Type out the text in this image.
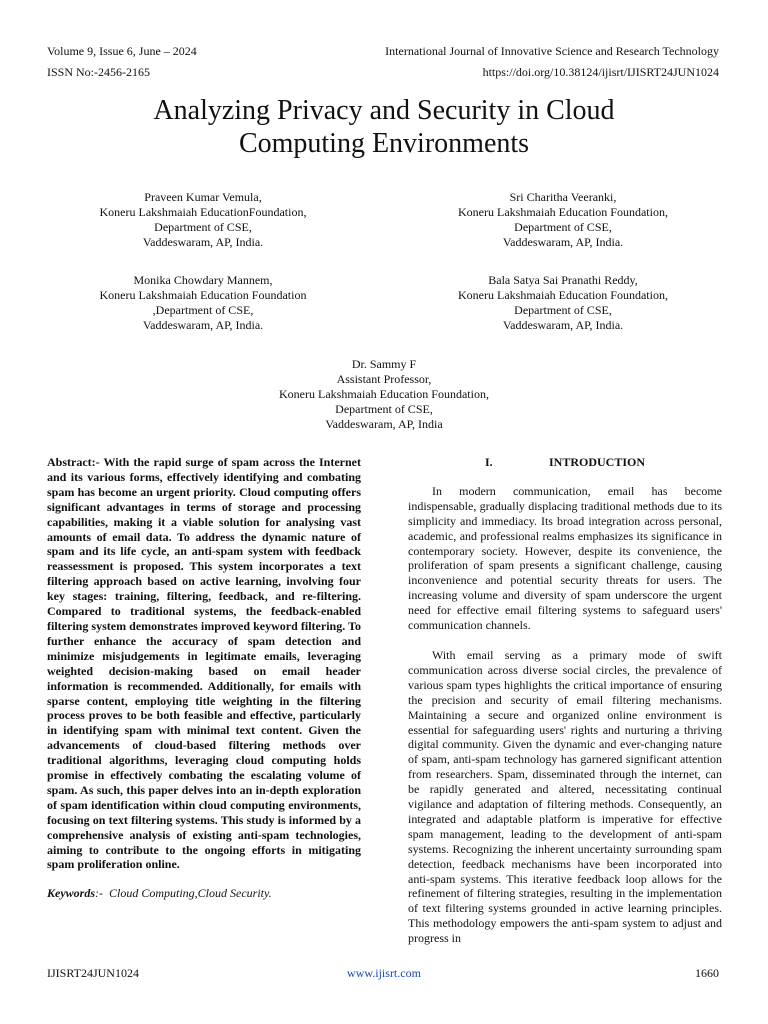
Volume 9, Issue 6, June – 2024	International Journal of Innovative Science and Research Technology
ISSN No:-2456-2165	https://doi.org/10.38124/ijisrt/IJISRT24JUN1024
Analyzing Privacy and Security in Cloud
Computing Environments
Praveen Kumar Vemula,
Koneru Lakshmaiah EducationFoundation,
Department of CSE,
Vaddeswaram, AP, India.
Sri Charitha Veeranki,
Koneru Lakshmaiah Education Foundation,
Department of CSE,
Vaddeswaram, AP, India.
Monika Chowdary Mannem,
Koneru Lakshmaiah Education Foundation
,Department of CSE,
Vaddeswaram, AP, India.
Bala Satya Sai Pranathi Reddy,
Koneru Lakshmaiah Education Foundation,
Department of CSE,
Vaddeswaram, AP, India.
Dr. Sammy F
Assistant Professor,
Koneru Lakshmaiah Education Foundation,
Department of CSE,
Vaddeswaram, AP, India

Abstract:- With the rapid surge of spam across the Internet and its various forms, effectively identifying and combating spam has become an urgent priority. Cloud computing offers significant advantages in terms of storage and processing capabilities, making it a viable solution for analysing vast amounts of email data. To address the dynamic nature of spam and its life cycle, an anti-spam system with feedback reassessment is proposed. This system incorporates a text filtering approach based on active learning, involving four key stages: training, filtering, feedback, and re-filtering. Compared to traditional systems, the feedback-enabled filtering system demonstrates improved keyword filtering. To further enhance the accuracy of spam detection and minimize misjudgements in legitimate emails, leveraging weighted decision-making based on email header information is recommended. Additionally, for emails with sparse content, employing title weighting in the filtering process proves to be both feasible and effective, particularly in identifying spam with minimal text content. Given the advancements of cloud-based filtering methods over traditional algorithms, leveraging cloud computing holds promise in effectively combating the escalating volume of spam. As such, this paper delves into an in-depth exploration of spam identification within cloud computing environments, focusing on text filtering systems. This study is informed by a comprehensive analysis of existing anti-spam technologies, aiming to contribute to the ongoing efforts in mitigating spam proliferation online.

Keywords:- Cloud Computing,Cloud Security.

I.	INTRODUCTION

In modern communication, email has become indispensable, gradually displacing traditional methods due to its simplicity and immediacy. Its broad integration across personal, academic, and professional realms emphasizes its significance in contemporary society. However, despite its convenience, the proliferation of spam presents a significant challenge, causing inconvenience and potential security threats for users. The increasing volume and diversity of spam underscore the urgent need for effective email filtering systems to safeguard users' communication channels.

With email serving as a primary mode of swift communication across diverse social circles, the prevalence of various spam types highlights the critical importance of ensuring the precision and security of email filtering mechanisms. Maintaining a secure and organized online environment is essential for safeguarding users' rights and nurturing a thriving digital community. Given the dynamic and ever-changing nature of spam, anti-spam technology has garnered significant attention from researchers. Spam, disseminated through the internet, can be rapidly generated and altered, necessitating continual vigilance and adaptation of filtering methods. Consequently, an integrated and adaptable platform is imperative for effective spam management, leading to the development of anti-spam systems. Recognizing the inherent uncertainty surrounding spam detection, feedback mechanisms have been incorporated into anti-spam systems. This iterative feedback loop allows for the refinement of filtering strategies, resulting in the implementation of text filtering systems grounded in active learning principles. This methodology empowers the anti-spam system to adjust and progress in

IJISRT24JUN1024	www.ijisrt.com	1660
